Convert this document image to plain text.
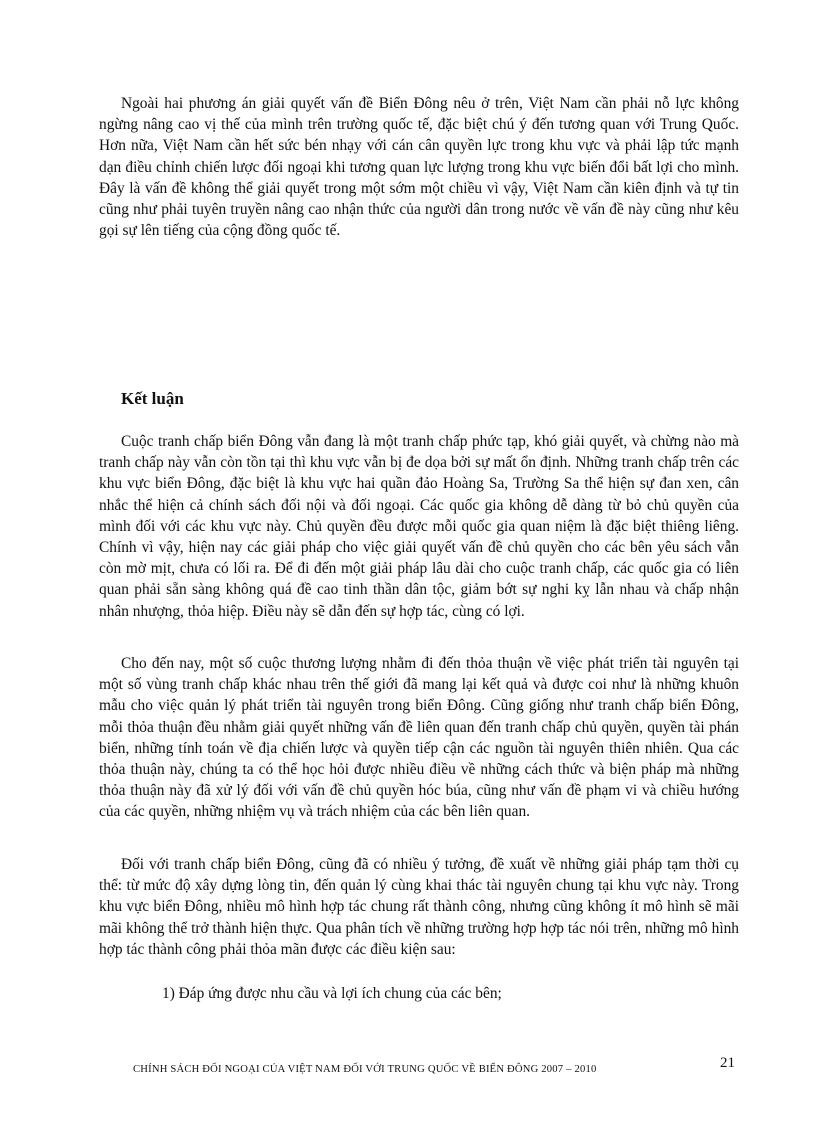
Ngoài hai phương án giải quyết vấn đề Biển Đông nêu ở trên, Việt Nam cần phải nỗ lực không ngừng nâng cao vị thế của mình trên trường quốc tế, đặc biệt chú ý đến tương quan với Trung Quốc. Hơn nữa, Việt Nam cần hết sức bén nhạy với cán cân quyền lực trong khu vực và phải lập tức mạnh dạn điều chỉnh chiến lược đối ngoại khi tương quan lực lượng trong khu vực biến đổi bất lợi cho mình. Đây là vấn đề không thể giải quyết trong một sớm một chiều vì vậy, Việt Nam cần kiên định và tự tin cũng như phải tuyên truyền nâng cao nhận thức của người dân trong nước về vấn đề này cũng như kêu gọi sự lên tiếng của cộng đồng quốc tế.

Kết luận

Cuộc tranh chấp biển Đông vẫn đang là một tranh chấp phức tạp, khó giải quyết, và chừng nào mà tranh chấp này vẫn còn tồn tại thì khu vực vẫn bị đe dọa bởi sự mất ổn định. Những tranh chấp trên các khu vực biển Đông, đặc biệt là khu vực hai quần đảo Hoàng Sa, Trường Sa thể hiện sự đan xen, cân nhắc thể hiện cả chính sách đối nội và đối ngoại. Các quốc gia không dễ dàng từ bỏ chủ quyền của mình đối với các khu vực này. Chủ quyền đều được mỗi quốc gia quan niệm là đặc biệt thiêng liêng. Chính vì vậy, hiện nay các giải pháp cho việc giải quyết vấn đề chủ quyền cho các bên yêu sách vẫn còn mờ mịt, chưa có lối ra. Để đi đến một giải pháp lâu dài cho cuộc tranh chấp, các quốc gia có liên quan phải sẵn sàng không quá đề cao tinh thần dân tộc, giảm bớt sự nghi kỵ lẫn nhau và chấp nhận nhân nhượng, thỏa hiệp. Điều này sẽ dẫn đến sự hợp tác, cùng có lợi.

Cho đến nay, một số cuộc thương lượng nhằm đi đến thỏa thuận về việc phát triển tài nguyên tại một số vùng tranh chấp khác nhau trên thế giới đã mang lại kết quả và được coi như là những khuôn mẫu cho việc quản lý phát triển tài nguyên trong biển Đông. Cũng giống như tranh chấp biển Đông, mỗi thỏa thuận đều nhằm giải quyết những vấn đề liên quan đến tranh chấp chủ quyền, quyền tài phán biển, những tính toán về địa chiến lược và quyền tiếp cận các nguồn tài nguyên thiên nhiên. Qua các thỏa thuận này, chúng ta có thể học hỏi được nhiều điều về những cách thức và biện pháp mà những thỏa thuận này đã xử lý đối với vấn đề chủ quyền hóc búa, cũng như vấn đề phạm vi và chiều hướng của các quyền, những nhiệm vụ và trách nhiệm của các bên liên quan.

Đối với tranh chấp biển Đông, cũng đã có nhiều ý tưởng, đề xuất về những giải pháp tạm thời cụ thể: từ mức độ xây dựng lòng tin, đến quản lý cùng khai thác tài nguyên chung tại khu vực này. Trong khu vực biển Đông, nhiều mô hình hợp tác chung rất thành công, nhưng cũng không ít mô hình sẽ mãi mãi không thể trở thành hiện thực. Qua phân tích về những trường hợp hợp tác nói trên, những mô hình hợp tác thành công phải thỏa mãn được các điều kiện sau:

1) Đáp ứng được nhu cầu và lợi ích chung của các bên;

CHÍNH SÁCH ĐỐI NGOẠI CỦA VIỆT NAM ĐỐI VỚI TRUNG QUỐC VỀ BIỂN ĐÔNG 2007 – 2010	21
